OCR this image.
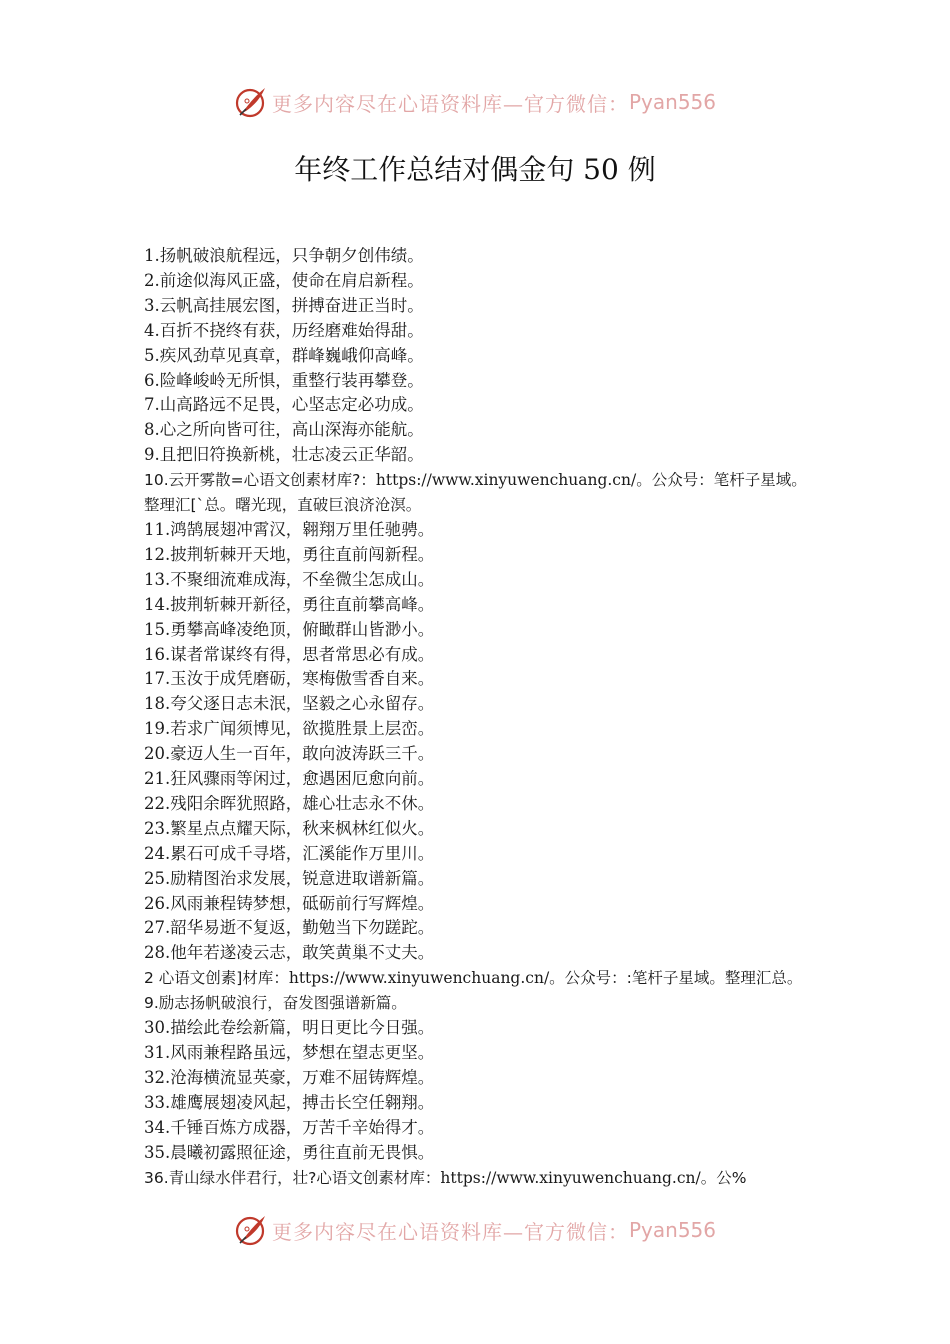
更多内容尽在心语资料库—官方微信： Pyan556
年终工作总结对偶金句 50 例
1.扬帆破浪航程远，只争朝夕创伟绩。
2.前途似海风正盛，使命在肩启新程。
3.云帆高挂展宏图，拼搏奋进正当时。
4.百折不挠终有获，历经磨难始得甜。
5.疾风劲草见真章，群峰巍峨仰高峰。
6.险峰峻岭无所惧，重整行装再攀登。
7.山高路远不足畏，心坚志定必功成。
8.心之所向皆可往，高山深海亦能航。
9.且把旧符换新桃，壮志凌云正华韶。
10.云开雾散=心语文创素材库?：https://www.xinyuwenchuang.cn/。公众号：笔杆子星域。整理汇[`总。曙光现，直破巨浪济沧溟。
11.鸿鹄展翅冲霄汉，翱翔万里任驰骋。
12.披荆斩棘开天地，勇往直前闯新程。
13.不聚细流难成海，不垒微尘怎成山。
14.披荆斩棘开新径，勇往直前攀高峰。
15.勇攀高峰凌绝顶，俯瞰群山皆渺小。
16.谋者常谋终有得，思者常思必有成。
17.玉汝于成凭磨砺，寒梅傲雪香自来。
18.夸父逐日志未泯，坚毅之心永留存。
19.若求广闻须博见，欲揽胜景上层峦。
20.豪迈人生一百年，敢向波涛跃三千。
21.狂风骤雨等闲过，愈遇困厄愈向前。
22.残阳余晖犹照路，雄心壮志永不休。
23.繁星点点耀天际，秋来枫林红似火。
24.累石可成千寻塔，汇溪能作万里川。
25.励精图治求发展，锐意进取谱新篇。
26.风雨兼程铸梦想，砥砺前行写辉煌。
27.韶华易逝不复返，勤勉当下勿蹉跎。
28.他年若遂凌云志，敢笑黄巢不丈夫。
2 心语文创素]材库：https://www.xinyuwenchuang.cn/。公众号：:笔杆子星域。整理汇总。9.励志扬帆破浪行，奋发图强谱新篇。
30.描绘此卷绘新篇，明日更比今日强。
31.风雨兼程路虽远，梦想在望志更坚。
32.沧海横流显英豪，万难不屈铸辉煌。
33.雄鹰展翅凌风起，搏击长空任翱翔。
34.千锤百炼方成器，万苦千辛始得才。
35.晨曦初露照征途，勇往直前无畏惧。
36.青山绿水伴君行，壮?心语文创素材库：https://www.xinyuwenchuang.cn/。公%
更多内容尽在心语资料库—官方微信： Pyan556
